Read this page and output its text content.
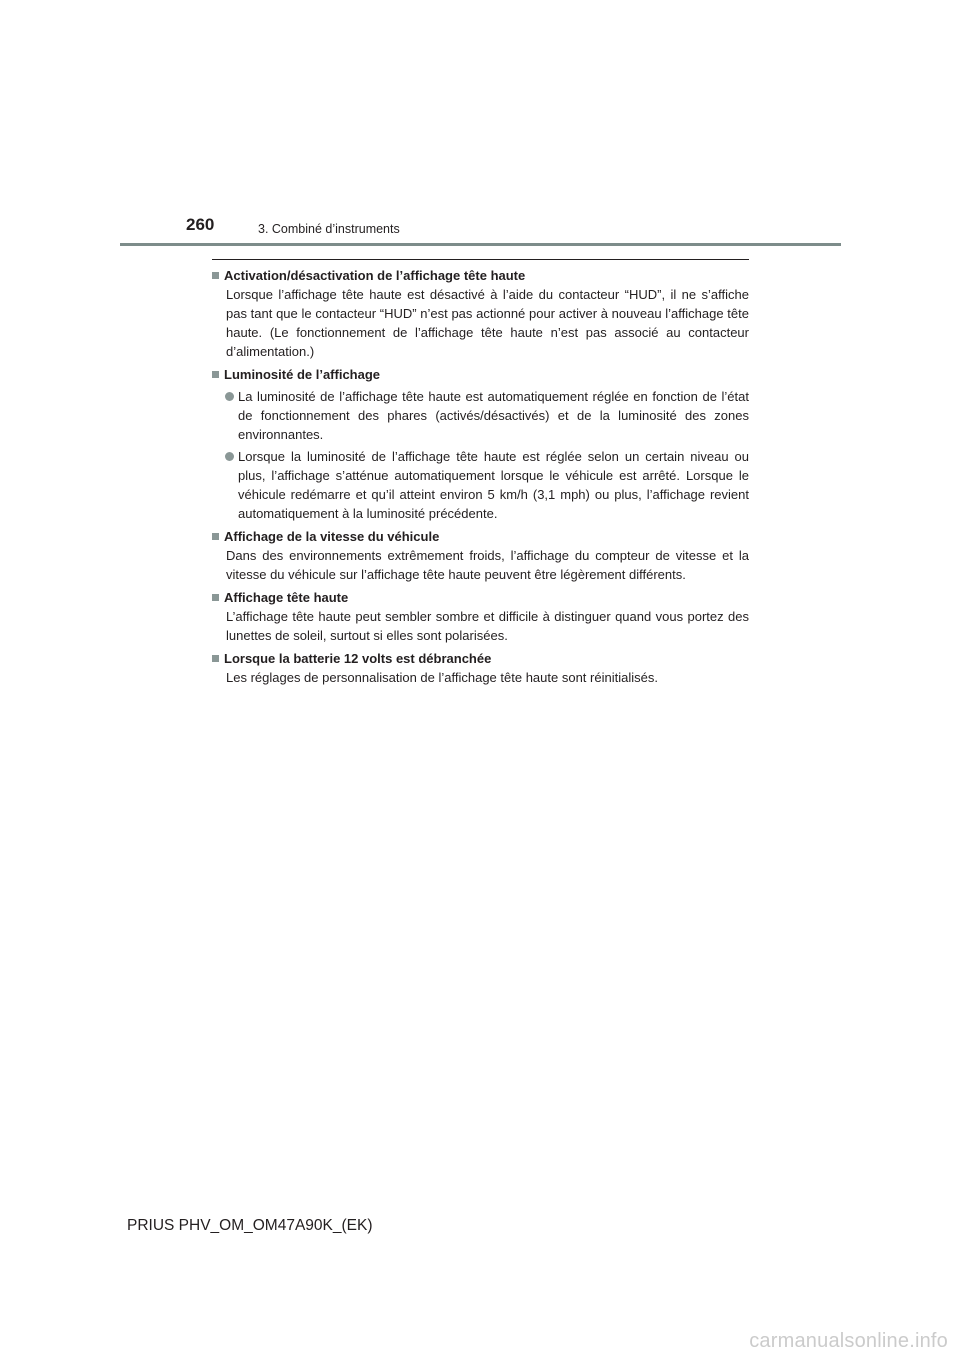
260	3. Combiné d’instruments
Activation/désactivation de l’affichage tête haute
Lorsque l’affichage tête haute est désactivé à l’aide du contacteur “HUD”, il ne s’affiche pas tant que le contacteur “HUD” n’est pas actionné pour activer à nouveau l’affichage tête haute. (Le fonctionnement de l’affichage tête haute n’est pas associé au contacteur d’alimentation.)
Luminosité de l’affichage
La luminosité de l’affichage tête haute est automatiquement réglée en fonction de l’état de fonctionnement des phares (activés/désactivés) et de la luminosité des zones environnantes.
Lorsque la luminosité de l’affichage tête haute est réglée selon un certain niveau ou plus, l’affichage s’atténue automatiquement lorsque le véhicule est arrêté. Lorsque le véhicule redémarre et qu’il atteint environ 5 km/h (3,1 mph) ou plus, l’affichage revient automatiquement à la luminosité précédente.
Affichage de la vitesse du véhicule
Dans des environnements extrêmement froids, l’affichage du compteur de vitesse et la vitesse du véhicule sur l’affichage tête haute peuvent être légèrement différents.
Affichage tête haute
L’affichage tête haute peut sembler sombre et difficile à distinguer quand vous portez des lunettes de soleil, surtout si elles sont polarisées.
Lorsque la batterie 12 volts est débranchée
Les réglages de personnalisation de l’affichage tête haute sont réinitialisés.
PRIUS PHV_OM_OM47A90K_(EK)
carmanualsonline.info
